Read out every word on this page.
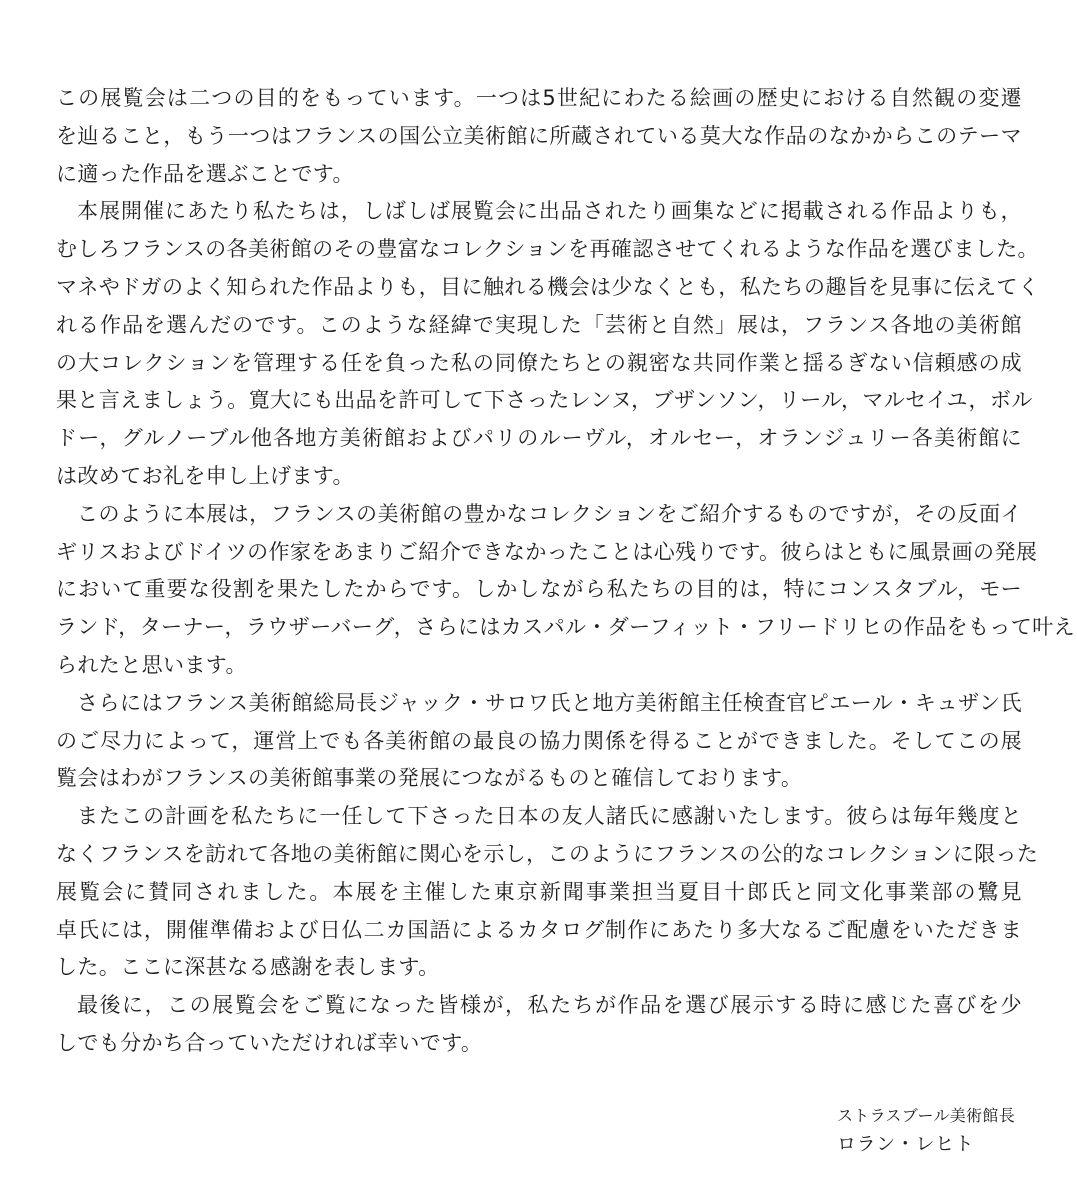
この展覧会は二つの目的をもっています。一つは5世紀にわたる絵画の歴史における自然観の変遷
を辿ること，もう一つはフランスの国公立美術館に所蔵されている莫大な作品のなかからこのテーマ
に適った作品を選ぶことです。
本展開催にあたり私たちは，しばしば展覧会に出品されたり画集などに掲載される作品よりも，
むしろフランスの各美術館のその豊富なコレクションを再確認させてくれるような作品を選びました。
マネやドガのよく知られた作品よりも，目に触れる機会は少なくとも，私たちの趣旨を見事に伝えてく
れる作品を選んだのです。このような経緯で実現した「芸術と自然」展は，フランス各地の美術館
の大コレクションを管理する任を負った私の同僚たちとの親密な共同作業と揺るぎない信頼感の成
果と言えましょう。寛大にも出品を許可して下さったレンヌ，ブザンソン，リール，マルセイユ，ボル
ドー，グルノーブル他各地方美術館およびパリのルーヴル，オルセー，オランジュリー各美術館に
は改めてお礼を申し上げます。
このように本展は，フランスの美術館の豊かなコレクションをご紹介するものですが，その反面イ
ギリスおよびドイツの作家をあまりご紹介できなかったことは心残りです。彼らはともに風景画の発展
において重要な役割を果たしたからです。しかしながら私たちの目的は，特にコンスタブル，モー
ランド，ターナー，ラウザーバーグ，さらにはカスパル・ダーフィット・フリードリヒの作品をもって叶え
られたと思います。
さらにはフランス美術館総局長ジャック・サロワ氏と地方美術館主任検査官ピエール・キュザン氏
のご尽力によって，運営上でも各美術館の最良の協力関係を得ることができました。そしてこの展
覧会はわがフランスの美術館事業の発展につながるものと確信しております。
またこの計画を私たちに一任して下さった日本の友人諸氏に感謝いたします。彼らは毎年幾度と
なくフランスを訪れて各地の美術館に関心を示し，このようにフランスの公的なコレクションに限った
展覧会に賛同されました。本展を主催した東京新聞事業担当夏目十郎氏と同文化事業部の鷺見
卓氏には，開催準備および日仏二カ国語によるカタログ制作にあたり多大なるご配慮をいただきま
した。ここに深甚なる感謝を表します。
最後に，この展覧会をご覧になった皆様が，私たちが作品を選び展示する時に感じた喜びを少
しでも分かち合っていただければ幸いです。
ストラスブール美術館長
ロラン・レヒト
